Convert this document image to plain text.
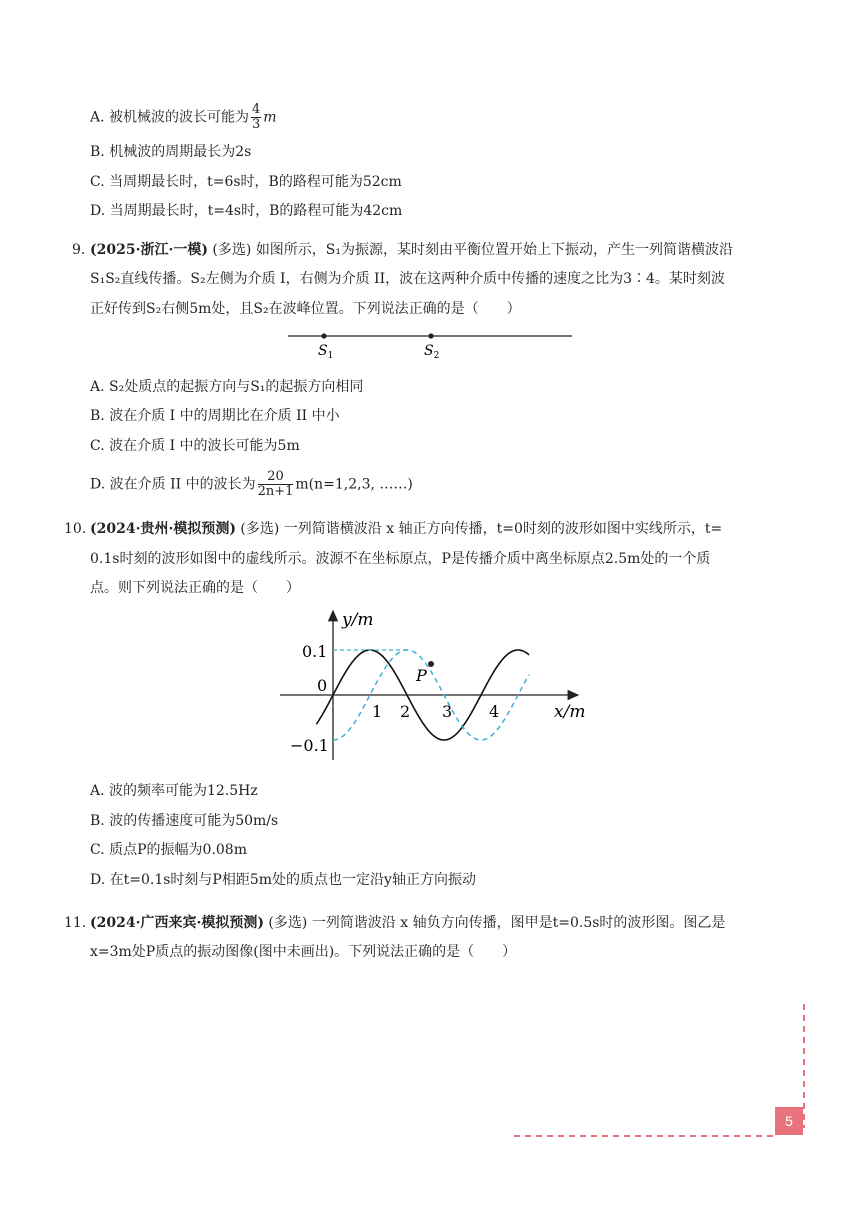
A. 被机械波的波长可能为 $\frac{4}{3}$ m
B. 机械波的周期最长为2s
C. 当周期最长时，t=6s时，B的路程可能为52cm
D. 当周期最长时，t=4s时，B的路程可能为42cm
9. (2025·浙江·一模) (多选) 如图所示，S₁为振源，某时刻由平衡位置开始上下振动，产生一列简谐横波沿
S₁S₂直线传播。S₂左侧为介质 I，右侧为介质 II，波在这两种介质中传播的速度之比为3∶4。某时刻波
正好传到S₂右侧5m处，且S₂在波峰位置。下列说法正确的是（　　）
$S_1$	$S_2$
A. S₂处质点的起振方向与S₁的起振方向相同
B. 波在介质 I 中的周期比在介质 II 中小
C. 波在介质 I 中的波长可能为5m
D. 波在介质 II 中的波长为 $\frac{20}{2n+1} m(n=1,2,3$, ……)
10. (2024·贵州·模拟预测) (多选) 一列简谐横波沿 x 轴正方向传播，t=0时刻的波形如图中实线所示，t=
0.1s时刻的波形如图中的虚线所示。波源不在坐标原点，P是传播介质中离坐标原点2.5m处的一个质
点。则下列说法正确的是（　　）
P
y/m
x/m
0.1
0
−0.1
1 2 3 4
A. 波的频率可能为12.5Hz
B. 波的传播速度可能为50m/s
C. 质点P的振幅为0.08m
D. 在t=0.1s时刻与P相距5m处的质点也一定沿y轴正方向振动
11. (2024·广西来宾·模拟预测) (多选) 一列简谐波沿 x 轴负方向传播，图甲是t=0.5s时的波形图。图乙是
x=3m处P质点的振动图像(图中未画出)。下列说法正确的是（　　）
5
